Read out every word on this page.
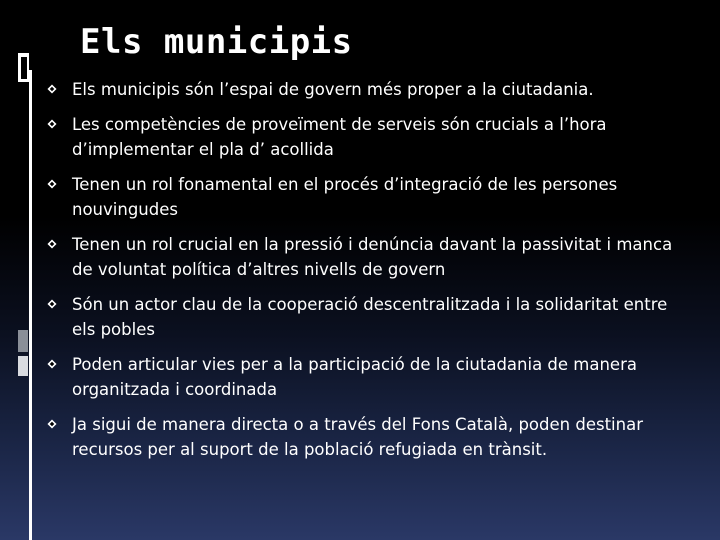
Els municipis
Els municipis són l’espai de govern més proper a la ciutadania.
Les competències de proveïment de serveis són crucials a l’hora d’implementar el pla d’ acollida
Tenen un rol fonamental en el procés d’integració de les persones nouvingudes
Tenen un rol crucial en la pressió i denúncia davant la passivitat i manca de voluntat política d’altres nivells de govern
Són un actor clau de la cooperació descentralitzada i la solidaritat entre els pobles
Poden articular vies per a la participació de la ciutadania de manera organitzada i coordinada
Ja sigui de manera directa o a través del Fons Català, poden destinar recursos per al suport de la població refugiada en trànsit.
